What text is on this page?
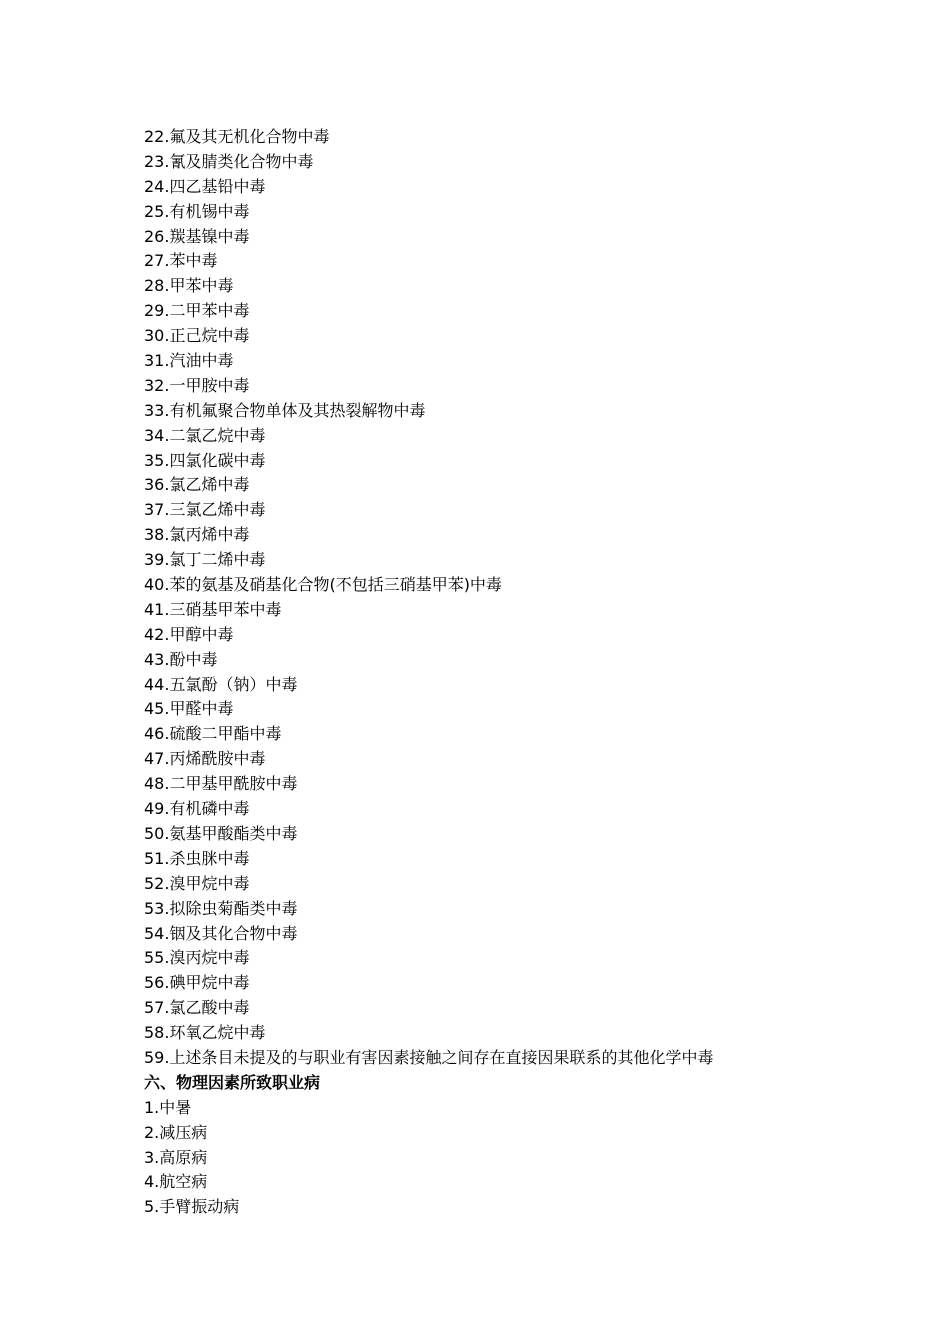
22.氟及其无机化合物中毒
23.氰及腈类化合物中毒
24.四乙基铅中毒
25.有机锡中毒
26.羰基镍中毒
27.苯中毒
28.甲苯中毒
29.二甲苯中毒
30.正己烷中毒
31.汽油中毒
32.一甲胺中毒
33.有机氟聚合物单体及其热裂解物中毒
34.二氯乙烷中毒
35.四氯化碳中毒
36.氯乙烯中毒
37.三氯乙烯中毒
38.氯丙烯中毒
39.氯丁二烯中毒
40.苯的氨基及硝基化合物(不包括三硝基甲苯)中毒
41.三硝基甲苯中毒
42.甲醇中毒
43.酚中毒
44.五氯酚（钠）中毒
45.甲醛中毒
46.硫酸二甲酯中毒
47.丙烯酰胺中毒
48.二甲基甲酰胺中毒
49.有机磷中毒
50.氨基甲酸酯类中毒
51.杀虫脒中毒
52.溴甲烷中毒
53.拟除虫菊酯类中毒
54.铟及其化合物中毒
55.溴丙烷中毒
56.碘甲烷中毒
57.氯乙酸中毒
58.环氧乙烷中毒
59.上述条目未提及的与职业有害因素接触之间存在直接因果联系的其他化学中毒
六、物理因素所致职业病
1.中暑
2.减压病
3.高原病
4.航空病
5.手臂振动病
